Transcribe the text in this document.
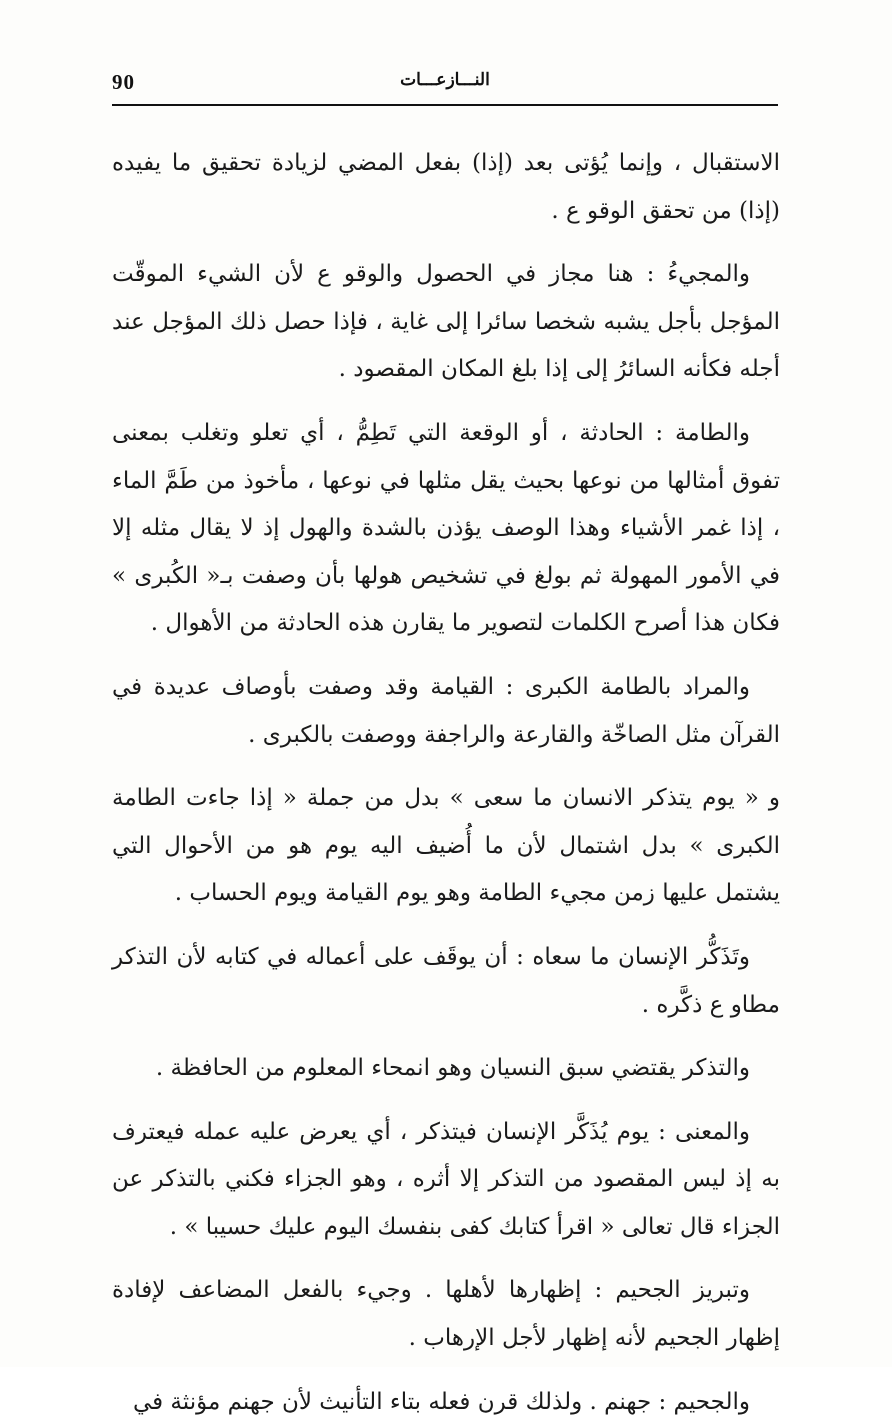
90	النـــازعـــات

الاستقبال ، وإنما يُؤتى بعد (إذا) بفعل المضي لزيادة تحقيق ما يفيده (إذا) من تحقق الوقو ع .

والمجيءُ : هنا مجاز في الحصول والوقو ع لأن الشيء الموقّت المؤجل بأجل يشبه شخصا سائرا إلى غاية ، فإذا حصل ذلك المؤجل عند أجله فكأنه السائرُ إلى إذا بلغ المكان المقصود .

والطامة : الحادثة ، أو الوقعة التي تَطِمُّ ، أي تعلو وتغلب بمعنى تفوق أمثالها من نوعها بحيث يقل مثلها في نوعها ، مأخوذ من طَمَّ الماء ، إذا غمر الأشياء وهذا الوصف يؤذن بالشدة والهول إذ لا يقال مثله إلا في الأمور المهولة ثم بولغ في تشخيص هولها بأن وصفت بـ« الكُبرى » فكان هذا أصرح الكلمات لتصوير ما يقارن هذه الحادثة من الأهوال .

والمراد بالطامة الكبرى : القيامة وقد وصفت بأوصاف عديدة في القرآن مثل الصاخّة والقارعة والراجفة ووصفت بالكبرى .

و « يوم يتذكر الانسان ما سعى » بدل من جملة « إذا جاءت الطامة الكبرى » بدل اشتمال لأن ما أُضيف اليه يوم هو من الأحوال التي يشتمل عليها زمن مجيء الطامة وهو يوم القيامة ويوم الحساب .

وتَذَكُّر الإنسان ما سعاه : أن يوقَف على أعماله في كتابه لأن التذكر مطاو ع ذكَّره .

والتذكر يقتضي سبق النسيان وهو انمحاء المعلوم من الحافظة .

والمعنى : يوم يُذَكَّر الإنسان فيتذكر ، أي يعرض عليه عمله فيعترف به إذ ليس المقصود من التذكر إلا أثره ، وهو الجزاء فكني بالتذكر عن الجزاء قال تعالى « اقرأ كتابك كفى بنفسك اليوم عليك حسيبا » .

وتبريز الجحيم : إظهارها لأهلها . وجيء بالفعل المضاعف لإفادة إظهار الجحيم لأنه إظهار لأجل الإرهاب .

والجحيم : جهنم . ولذلك قرن فعله بتاء التأنيث لأن جهنم مؤنثة في
